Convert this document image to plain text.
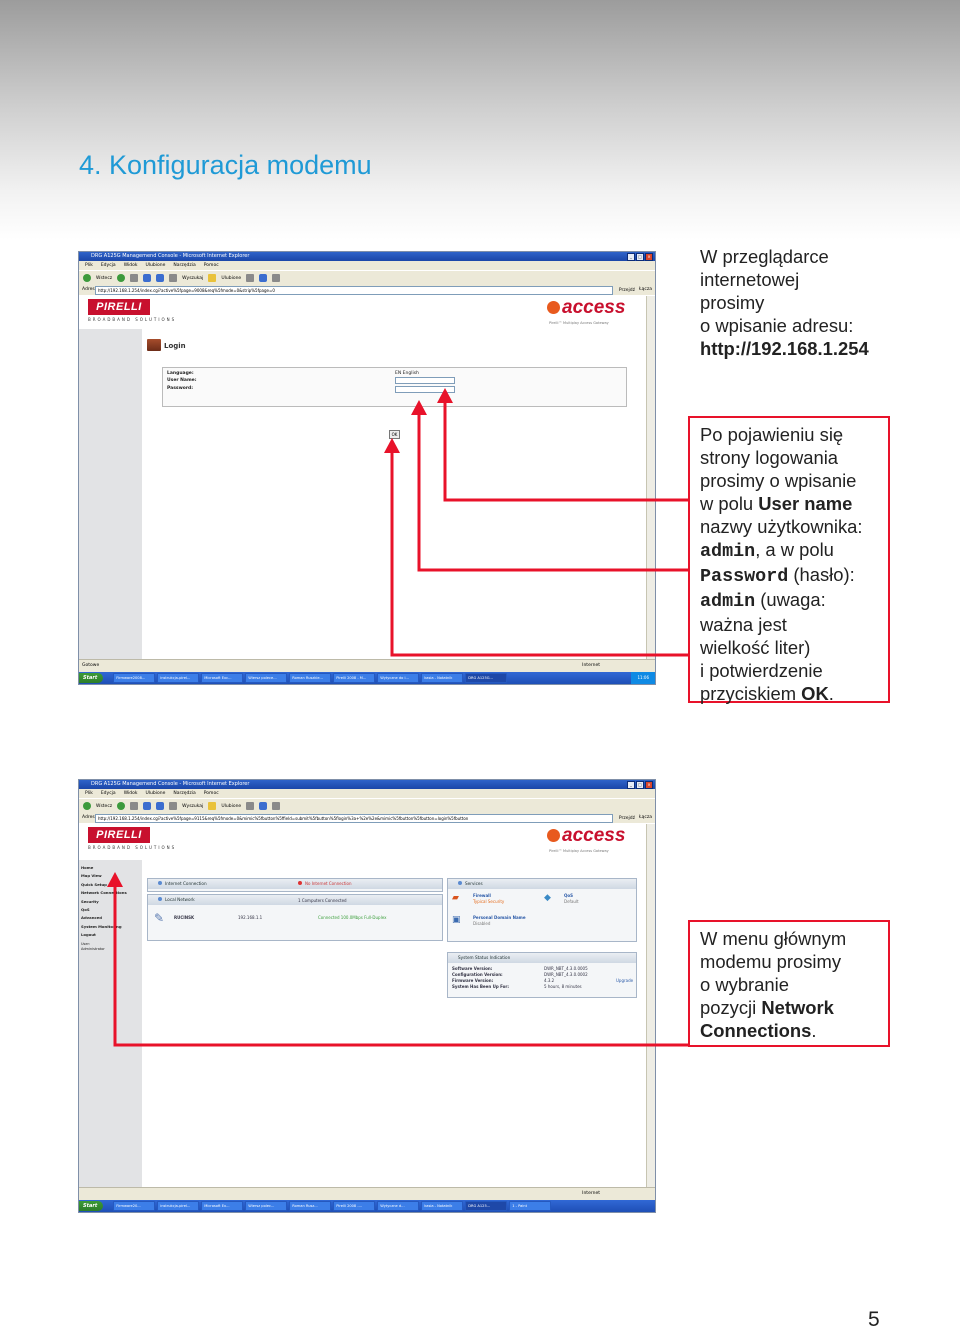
4. Konfiguracja modemu
DRG A125G Managemend Console - Microsoft Internet Explorer	_	□	×
Plik Edycja Widok Ulubione Narzędzia Pomoc
Wstecz	Wyszukaj	Ulubione
Adres http://192.168.1.254/index.cgi?active%5fpage=9008&req%5fmode=0&strip%5fpage=0	Przejdź Łącza
PIRELLI
BROADBAND SOLUTIONS
access
Pirelli™ Multiplay Access Gateway
Login
Language:	EN English
User Name:
Password:
OK
Gotowe	Internet
Start	Firmware2008...	instrukcja-pirel...	Microsoft Exc...	Wiersz polece...	Roman Ruszkie...	Pirelli 2008 - M...	Wytyczne do i...	kasia - Notatnik	DRG A125G...	11:06
DRG A125G Managemend Console - Microsoft Internet Explorer	_	□	×
Plik Edycja Widok Ulubione Narzędzia Pomoc
Wstecz	Wyszukaj	Ulubione
Adres http://192.168.1.254/index.cgi?active%5fpage=9115&req%5fmode=0&mimic%5fbutton%5ffield=submit%5fbutton%5flogin%3a+%2e%2e&mimic%5fbutton%5fbutton=login%5fbutton	Przejdź Łącza
PIRELLI
BROADBAND SOLUTIONS
access
Pirelli™ Multiplay Access Gateway
Home
Map View
Quick Setup
Network Connections
Security
QoS
Advanced
System Monitoring
Logout
User:
Administrator
Internet Connection	No Internet Connection
Local Network	1 Computers Connected
✎ RUCINSK	192.168.1.1	Connected 100.0Mbps Full-Duplex
Services
▰	Firewall
Typical Security	◆	QoS
Default
▣	Personal Domain Name
Disabled
System Status Indication
Software Version:	DWR_NBT_4.3.0.0005
Configuration Version:	DWR_NBT_4.3.0.0002
Firmware Version:	4.3.2	Upgrade
System Has Been Up For:	5 hours, 8 minutes
Internet
Start	Firmware20...	instrukcja-pirel...	Microsoft Ex...	Wiersz polec...	Roman Rusz...	Pirelli 2008 -...	Wytyczne d...	kasia - Notatnik	DRG A125...	1 - Paint
W przeglądarce
internetowej
prosimy
o wpisanie adresu:
http://192.168.1.254
Po pojawieniu się
strony logowania
prosimy o wpisanie
w polu User name
nazwy użytkownika:
admin, a w polu
Password (hasło):
admin (uwaga:
ważna jest
wielkość liter)
i potwierdzenie
przyciskiem OK.
W menu głównym
modemu prosimy
o wybranie
pozycji Network
Connections.
5
